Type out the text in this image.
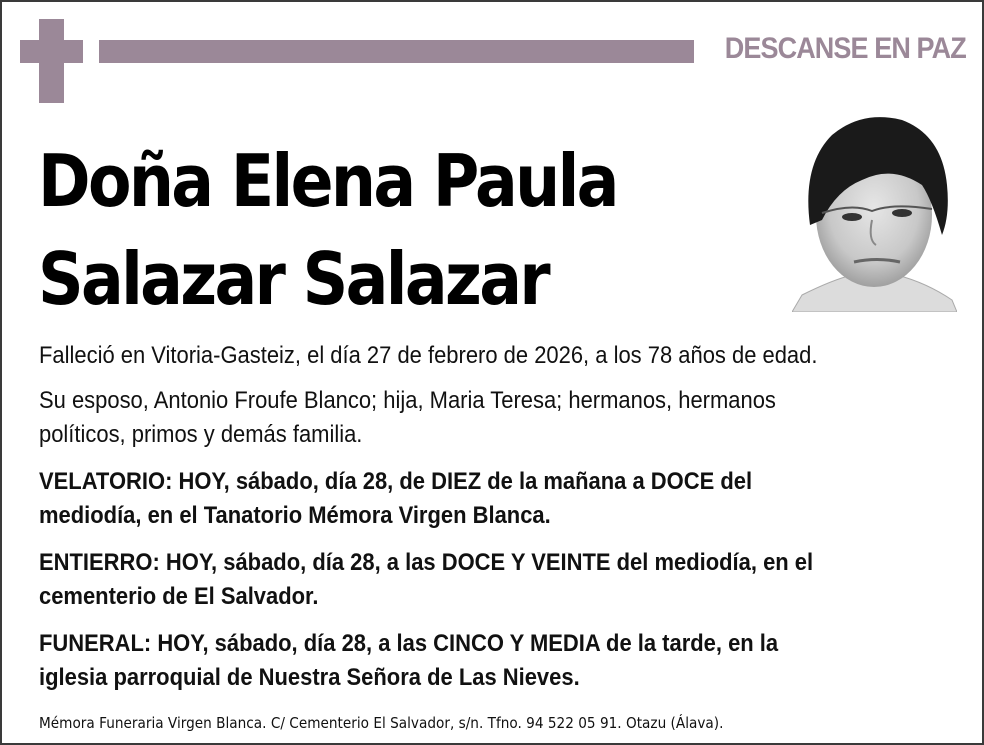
DESCANSE EN PAZ
Doña Elena Paula
Salazar Salazar
Falleció en Vitoria-Gasteiz, el día 27 de febrero de 2026, a los 78 años de edad.
Su esposo, Antonio Froufe Blanco; hija, Maria Teresa; hermanos, hermanos
políticos, primos y demás familia.
VELATORIO: HOY, sábado, día 28, de DIEZ de la mañana a DOCE del
mediodía, en el Tanatorio Mémora Virgen Blanca.
ENTIERRO: HOY, sábado, día 28, a las DOCE Y VEINTE del mediodía, en el
cementerio de El Salvador.
FUNERAL: HOY, sábado, día 28, a las CINCO Y MEDIA de la tarde, en la
iglesia parroquial de Nuestra Señora de Las Nieves.
Mémora Funeraria Virgen Blanca. C/ Cementerio El Salvador, s/n. Tfno. 94 522 05 91. Otazu (Álava).
